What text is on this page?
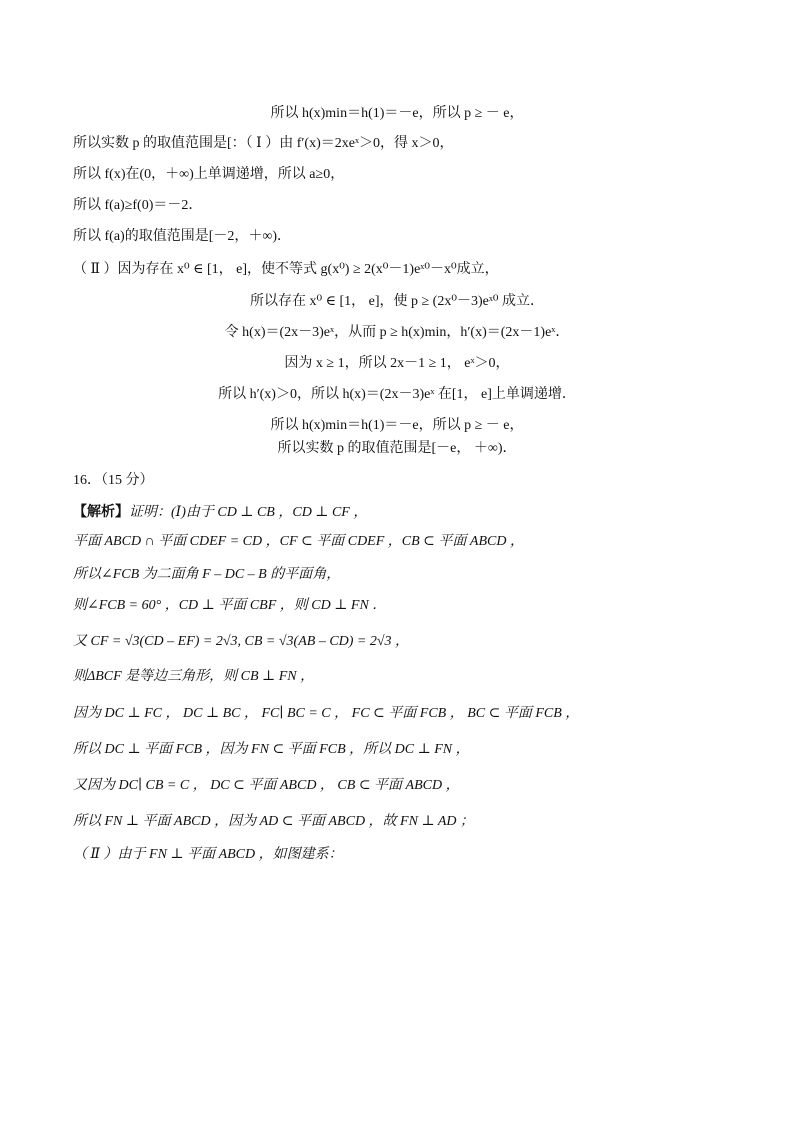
所以 h(x)min＝h(1)＝－e，所以 p ≥ － e，
所以实数 p 的取值范围是[：（ Ⅰ ）由 f′(x)＝2xeˣ＞0，得 x＞0，
所以 f(x)在(0，＋∞)上单调递增，所以 a≥0，
所以 f(a)≥f(0)＝－2．
所以 f(a)的取值范围是[－2，＋∞)．
（ Ⅱ ）因为存在 x⁰ ∈ [1， e]，使不等式 g(x⁰) ≥ 2(x⁰－1)eˣ⁰－x⁰成立，
所以存在 x⁰ ∈ [1， e]，使 p ≥ (2x⁰－3)eˣ⁰ 成立．
令 h(x)＝(2x－3)eˣ，从而 p ≥ h(x)min，h′(x)＝(2x－1)eˣ．
因为 x ≥ 1，所以 2x－1 ≥ 1， eˣ＞0，
所以 h′(x)＞0，所以 h(x)＝(2x－3)eˣ 在[1， e]上单调递增．
所以 h(x)min＝h(1)＝－e，所以 p ≥ － e，
所以实数 p 的取值范围是[－e， ＋∞)．
16．（15 分）
【解析】证明：(Ⅰ)由于 CD ⊥ CB ，CD ⊥ CF ，
平面 ABCD ∩ 平面 CDEF = CD ，CF ⊂ 平面 CDEF ，CB ⊂ 平面 ABCD ，
所以∠FCB 为二面角 F – DC – B 的平面角，
则∠FCB = 60° ，CD ⊥ 平面 CBF ，则 CD ⊥ FN ．
又 CF = √3(CD – EF) = 2√3, CB = √3(AB – CD) = 2√3 ，
则ΔBCF 是等边三角形，则 CB ⊥ FN ，
因为 DC ⊥ FC ， DC ⊥ BC ， FC∣ BC = C ， FC ⊂ 平面 FCB ， BC ⊂ 平面 FCB ，
所以 DC ⊥ 平面 FCB ，因为 FN ⊂ 平面 FCB ，所以 DC ⊥ FN ，
又因为 DC∣ CB = C ， DC ⊂ 平面 ABCD ， CB ⊂ 平面 ABCD ，
所以 FN ⊥ 平面 ABCD ，因为 AD ⊂ 平面 ABCD ，故 FN ⊥ AD ；
（ Ⅱ ）由于 FN ⊥ 平面 ABCD ，如图建系：
